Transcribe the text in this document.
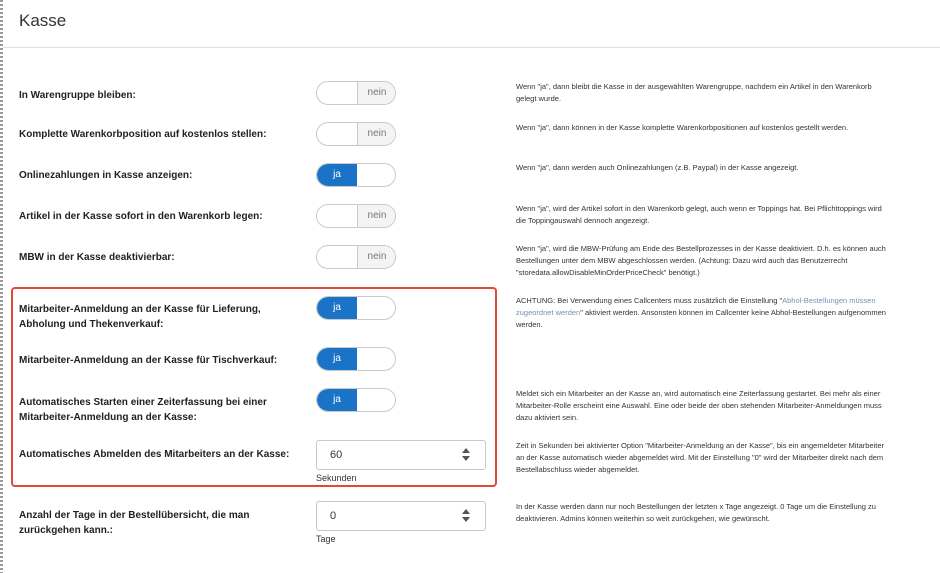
Kasse
In Warengruppe bleiben:	nein
Wenn "ja", dann bleibt die Kasse in der ausgewählten Warengruppe, nachdem ein Artikel in den Warenkorb gelegt wurde.
Komplette Warenkorbposition auf kostenlos stellen:	nein
Wenn "ja", dann können in der Kasse komplette Warenkorbpositionen auf kostenlos gestellt werden.
Onlinezahlungen in Kasse anzeigen:	ja
Wenn "ja", dann werden auch Onlinezahlungen (z.B. Paypal) in der Kasse angezeigt.
Artikel in der Kasse sofort in den Warenkorb legen:	nein
Wenn "ja", wird der Artikel sofort in den Warenkorb gelegt, auch wenn er Toppings hat. Bei Pflichttoppings wird die Toppingauswahl dennoch angezeigt.
MBW in der Kasse deaktivierbar:	nein
Wenn "ja", wird die MBW-Prüfung am Ende des Bestellprozesses in der Kasse deaktiviert. D.h. es können auch Bestellungen unter dem MBW abgeschlossen werden. (Achtung: Dazu wird auch das Benutzerrecht "storedata.allowDisableMinOrderPriceCheck" benötigt.)
Mitarbeiter-Anmeldung an der Kasse für Lieferung, Abholung und Thekenverkauf:
ja
ACHTUNG: Bei Verwendung eines Callcenters muss zusätzlich die Einstellung "Abhol-Bestellungen müssen zugeordnet werden" aktiviert werden. Ansonsten können im Callcenter keine Abhol-Bestellungen aufgenommen werden.
Mitarbeiter-Anmeldung an der Kasse für Tischverkauf:	ja
Automatisches Starten einer Zeiterfassung bei einer Mitarbeiter-Anmeldung an der Kasse:
ja
Meldet sich ein Mitarbeiter an der Kasse an, wird automatisch eine Zeiterfassung gestartet. Bei mehr als einer Mitarbeiter-Rolle erscheint eine Auswahl. Eine oder beide der oben stehenden Mitarbeiter-Anmeldungen muss dazu aktiviert sein.
Automatisches Abmelden des Mitarbeiters an der Kasse:	60
Sekunden
Zeit in Sekunden bei aktivierter Option "Mitarbeiter-Anmeldung an der Kasse", bis ein angemeldeter Mitarbeiter an der Kasse automatisch wieder abgemeldet wird. Mit der Einstellung "0" wird der Mitarbeiter direkt nach dem Bestellabschluss wieder abgemeldet.
Anzahl der Tage in der Bestellübersicht, die man zurückgehen kann.:
0
Tage
In der Kasse werden dann nur noch Bestellungen der letzten x Tage angezeigt. 0 Tage um die Einstellung zu deaktivieren. Admins können weiterhin so weit zurückgehen, wie gewünscht.
